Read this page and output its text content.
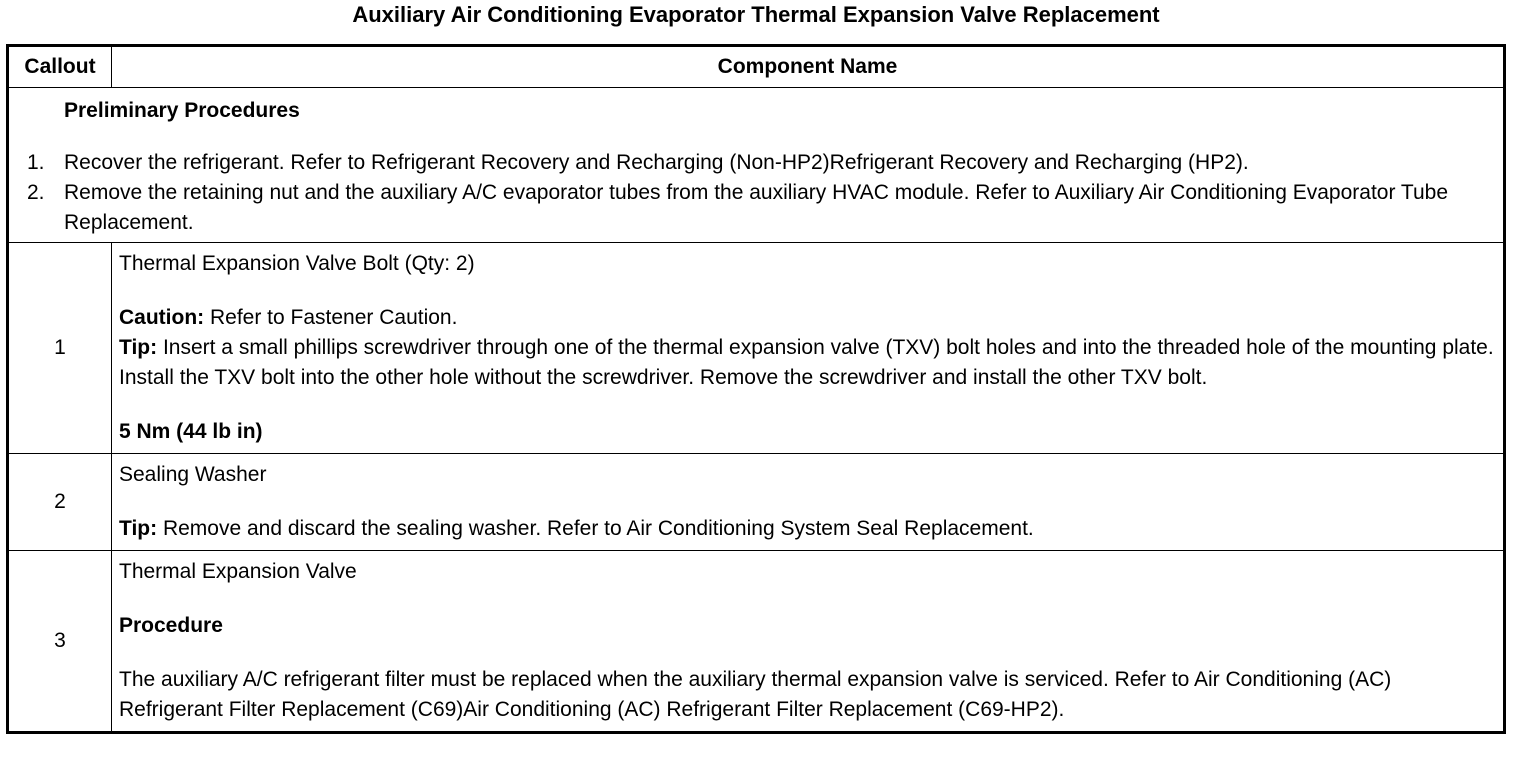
Auxiliary Air Conditioning Evaporator Thermal Expansion Valve Replacement
Callout	Component Name

Preliminary Procedures
1. Recover the refrigerant. Refer to Refrigerant Recovery and Recharging (Non-HP2)Refrigerant Recovery and Recharging (HP2).
2. Remove the retaining nut and the auxiliary A/C evaporator tubes from the auxiliary HVAC module. Refer to Auxiliary Air Conditioning Evaporator Tube Replacement.	

1	Thermal Expansion Valve Bolt (Qty: 2)
Caution: Refer to Fastener Caution.
Tip: Insert a small phillips screwdriver through one of the thermal expansion valve (TXV) bolt holes and into the threaded hole of the mounting plate. Install the TXV bolt into the other hole without the screwdriver. Remove the screwdriver and install the other TXV bolt.
5 Nm (44 lb in)

2	Sealing Washer
Tip: Remove and discard the sealing washer. Refer to Air Conditioning System Seal Replacement.

3	Thermal Expansion Valve
Procedure
The auxiliary A/C refrigerant filter must be replaced when the auxiliary thermal expansion valve is serviced. Refer to Air Conditioning (AC) Refrigerant Filter Replacement (C69)Air Conditioning (AC) Refrigerant Filter Replacement (C69-HP2).
